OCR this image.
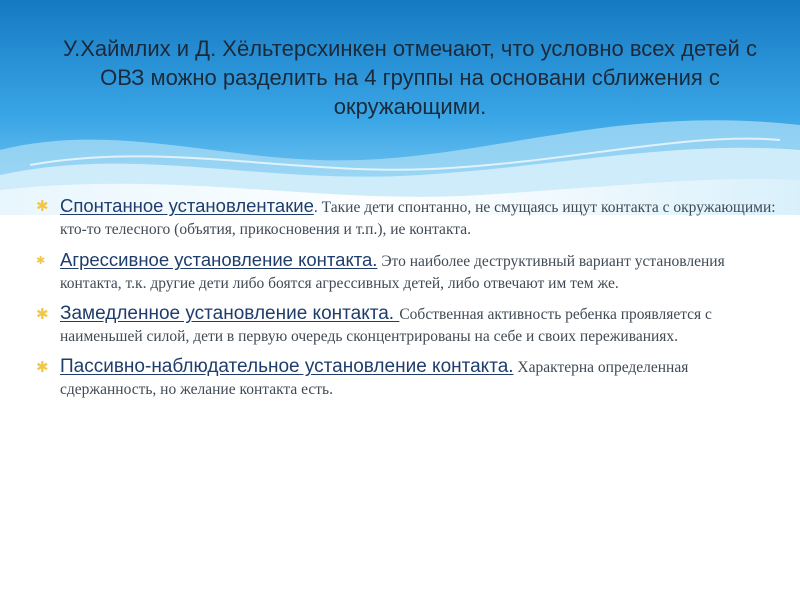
У.Хаймлих и Д. Хёльтерсхинкен отмечают, что условно всех детей с ОВЗ можно разделить на 4 группы на основани сближения с окружающими.
✱ Спонтанное установлентакие. Такие дети спонтанно, не смущаясь ищут контакта с окружающими: кто-то телесного (объятия, прикосновения и т.п.), ие контакта.
✱ Агрессивное установление контакта. Это наиболее деструктивный вариант установления контакта, т.к. другие дети либо боятся агрессивных детей, либо отвечают им тем же.
✱ Замедленное установление контакта. Собственная активность ребенка проявляется с наименьшей силой, дети в первую очередь сконцентрированы на себе и своих переживаниях.
✱ Пассивно-наблюдательное установление контакта. Характерна определенная сдержанность, но желание контакта есть.
